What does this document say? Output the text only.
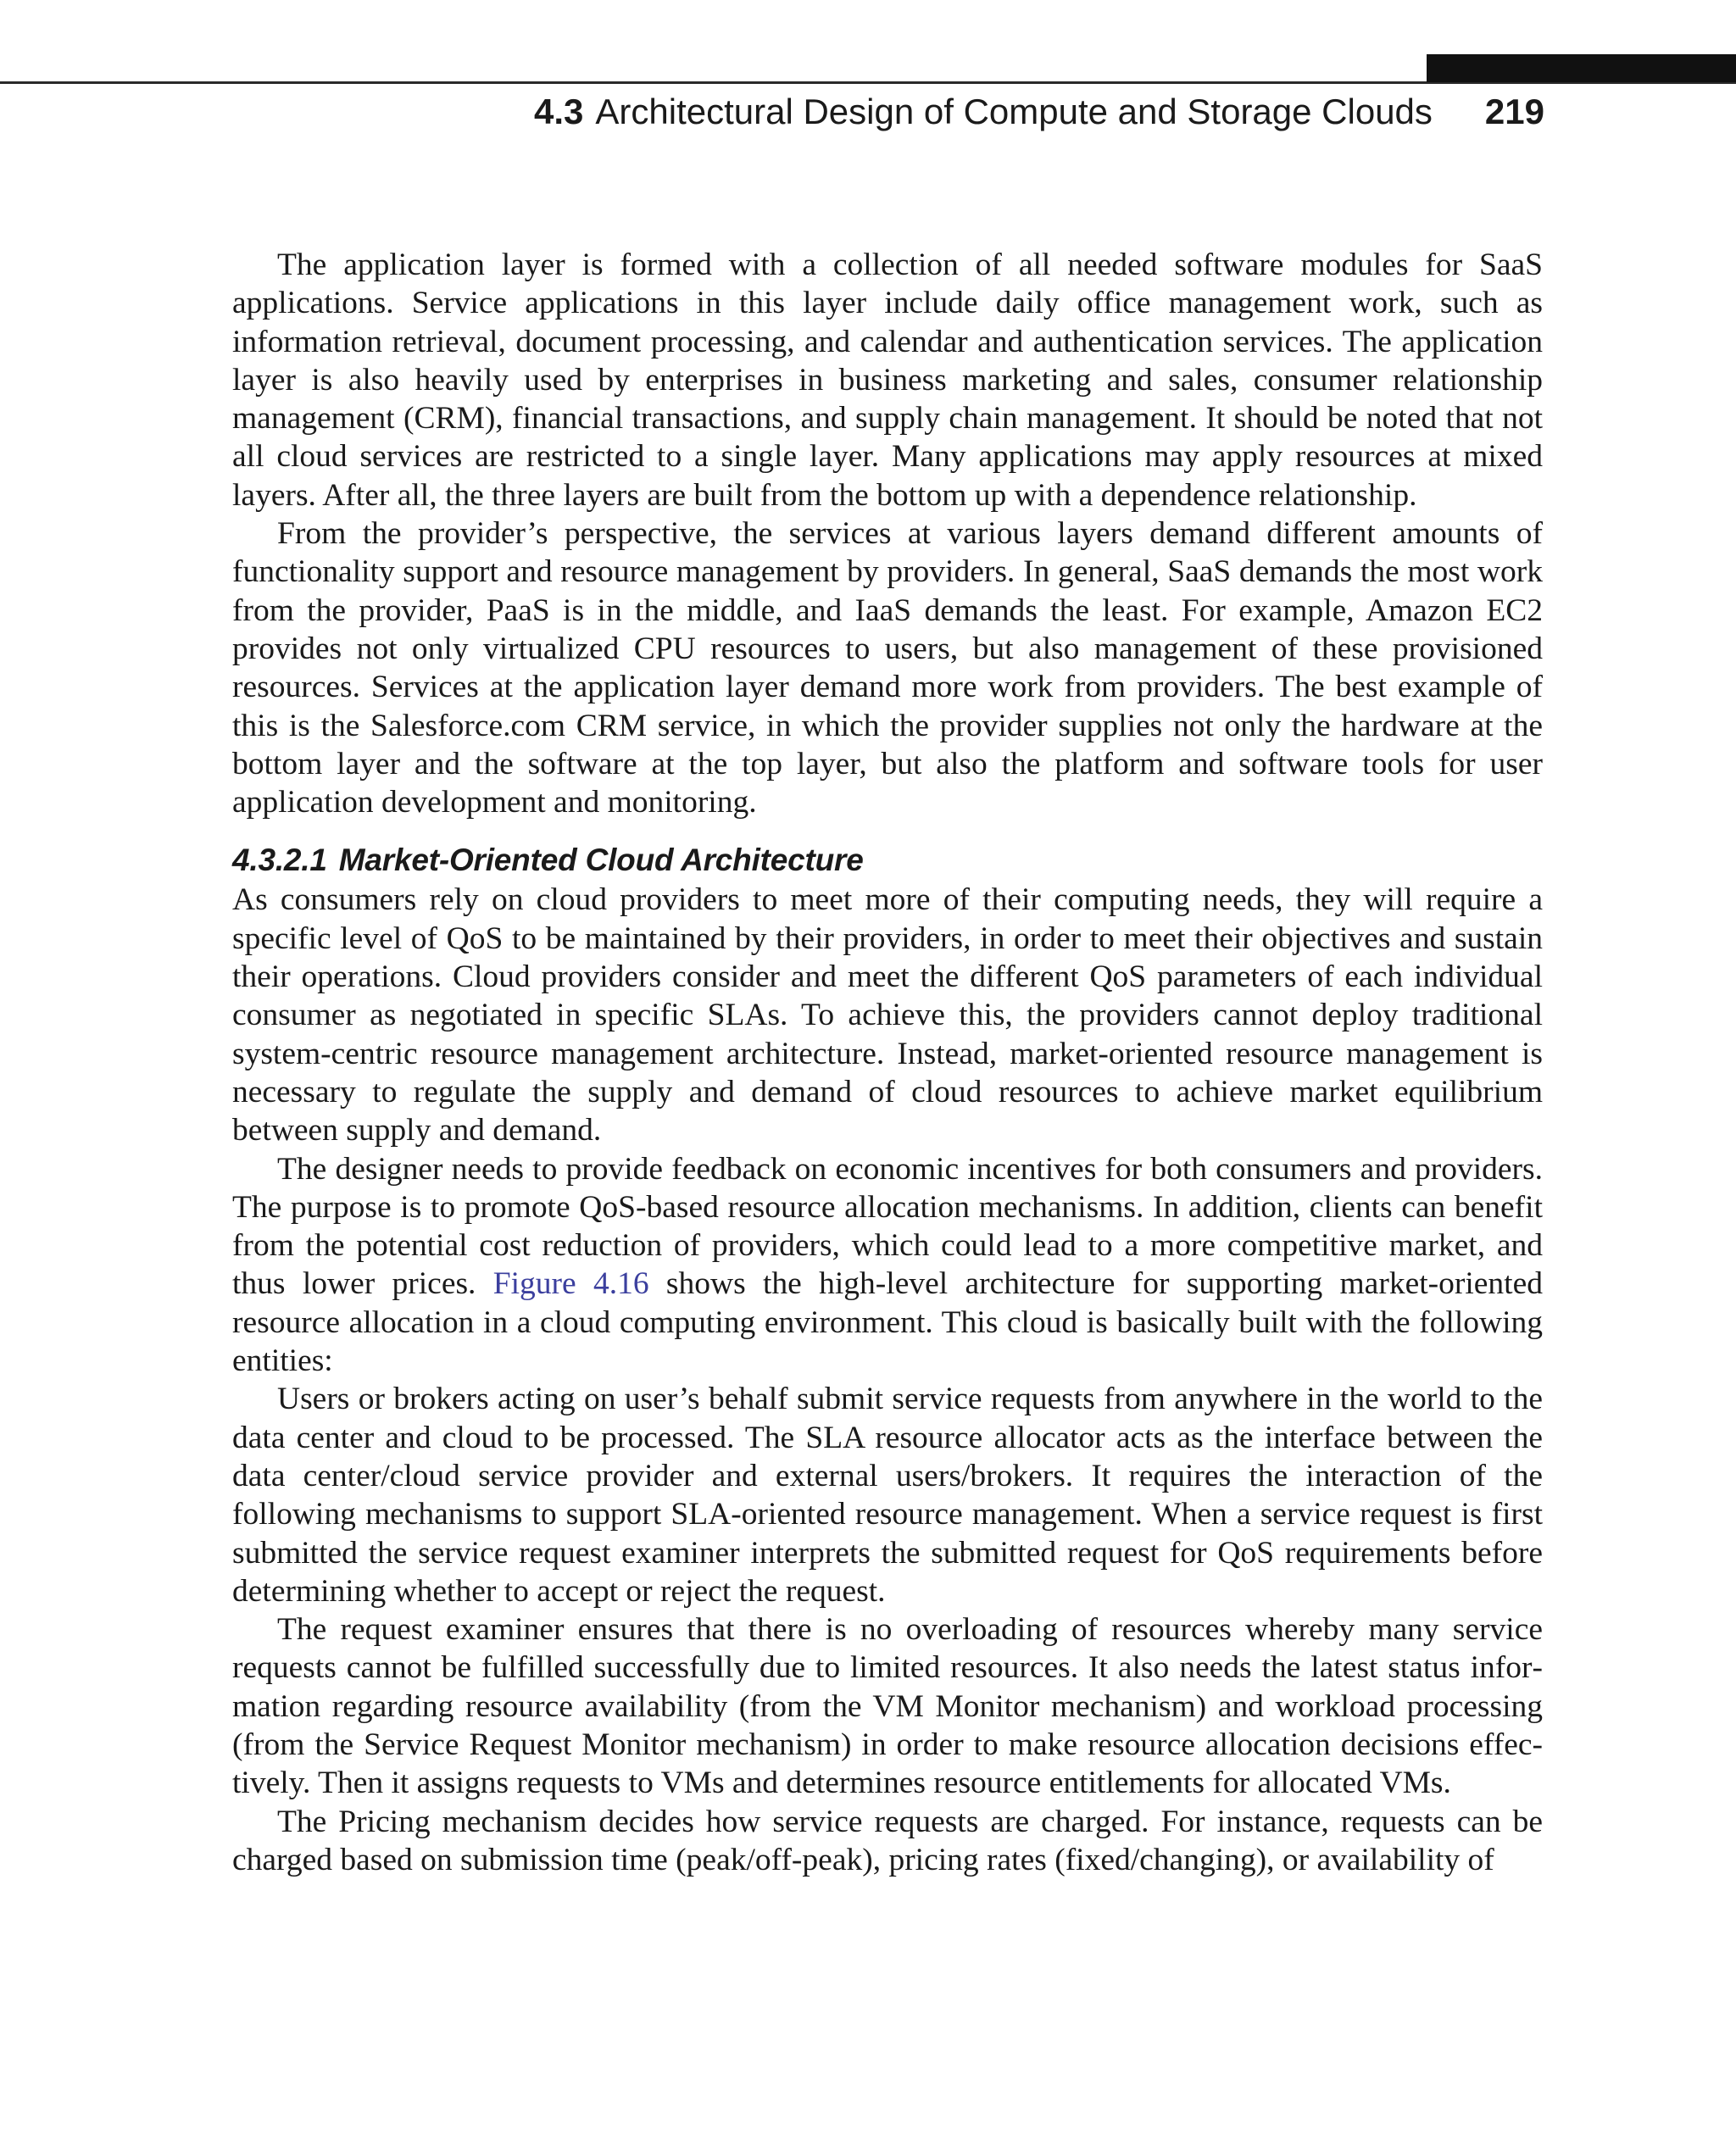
4.3 Architectural Design of Compute and Storage Clouds 219

The application layer is formed with a collection of all needed software modules for SaaS applications. Service applications in this layer include daily office management work, such as information retrieval, document processing, and calendar and authentication services. The application layer is also heavily used by enterprises in business marketing and sales, consumer relationship management (CRM), financial transactions, and supply chain management. It should be noted that not all cloud services are restricted to a single layer. Many applications may apply resources at mixed layers. After all, the three layers are built from the bottom up with a dependence relationship.

From the provider’s perspective, the services at various layers demand different amounts of functionality support and resource management by providers. In general, SaaS demands the most work from the provider, PaaS is in the middle, and IaaS demands the least. For example, Amazon EC2 provides not only virtualized CPU resources to users, but also management of these provisioned resources. Services at the application layer demand more work from providers. The best example of this is the Salesforce.com CRM service, in which the provider supplies not only the hardware at the bottom layer and the software at the top layer, but also the platform and software tools for user application development and monitoring.

4.3.2.1 Market-Oriented Cloud Architecture

As consumers rely on cloud providers to meet more of their computing needs, they will require a specific level of QoS to be maintained by their providers, in order to meet their objectives and sustain their operations. Cloud providers consider and meet the different QoS parameters of each individual consumer as negotiated in specific SLAs. To achieve this, the providers cannot deploy traditional system-centric resource management architecture. Instead, market-oriented resource management is necessary to regulate the supply and demand of cloud resources to achieve market equilibrium between supply and demand.

The designer needs to provide feedback on economic incentives for both consumers and providers. The purpose is to promote QoS-based resource allocation mechanisms. In addition, clients can benefit from the potential cost reduction of providers, which could lead to a more competitive market, and thus lower prices. Figure 4.16 shows the high-level architecture for supporting market-oriented resource allocation in a cloud computing environment. This cloud is basically built with the following entities:

Users or brokers acting on user’s behalf submit service requests from anywhere in the world to the data center and cloud to be processed. The SLA resource allocator acts as the interface between the data center/cloud service provider and external users/brokers. It requires the interaction of the following mechanisms to support SLA-oriented resource management. When a service request is first submitted the service request examiner interprets the submitted request for QoS requirements before determining whether to accept or reject the request.

The request examiner ensures that there is no overloading of resources whereby many service requests cannot be fulfilled successfully due to limited resources. It also needs the latest status information regarding resource availability (from the VM Monitor mechanism) and workload processing (from the Service Request Monitor mechanism) in order to make resource allocation decisions effectively. Then it assigns requests to VMs and determines resource entitlements for allocated VMs.

The Pricing mechanism decides how service requests are charged. For instance, requests can be charged based on submission time (peak/off-peak), pricing rates (fixed/changing), or availability of
